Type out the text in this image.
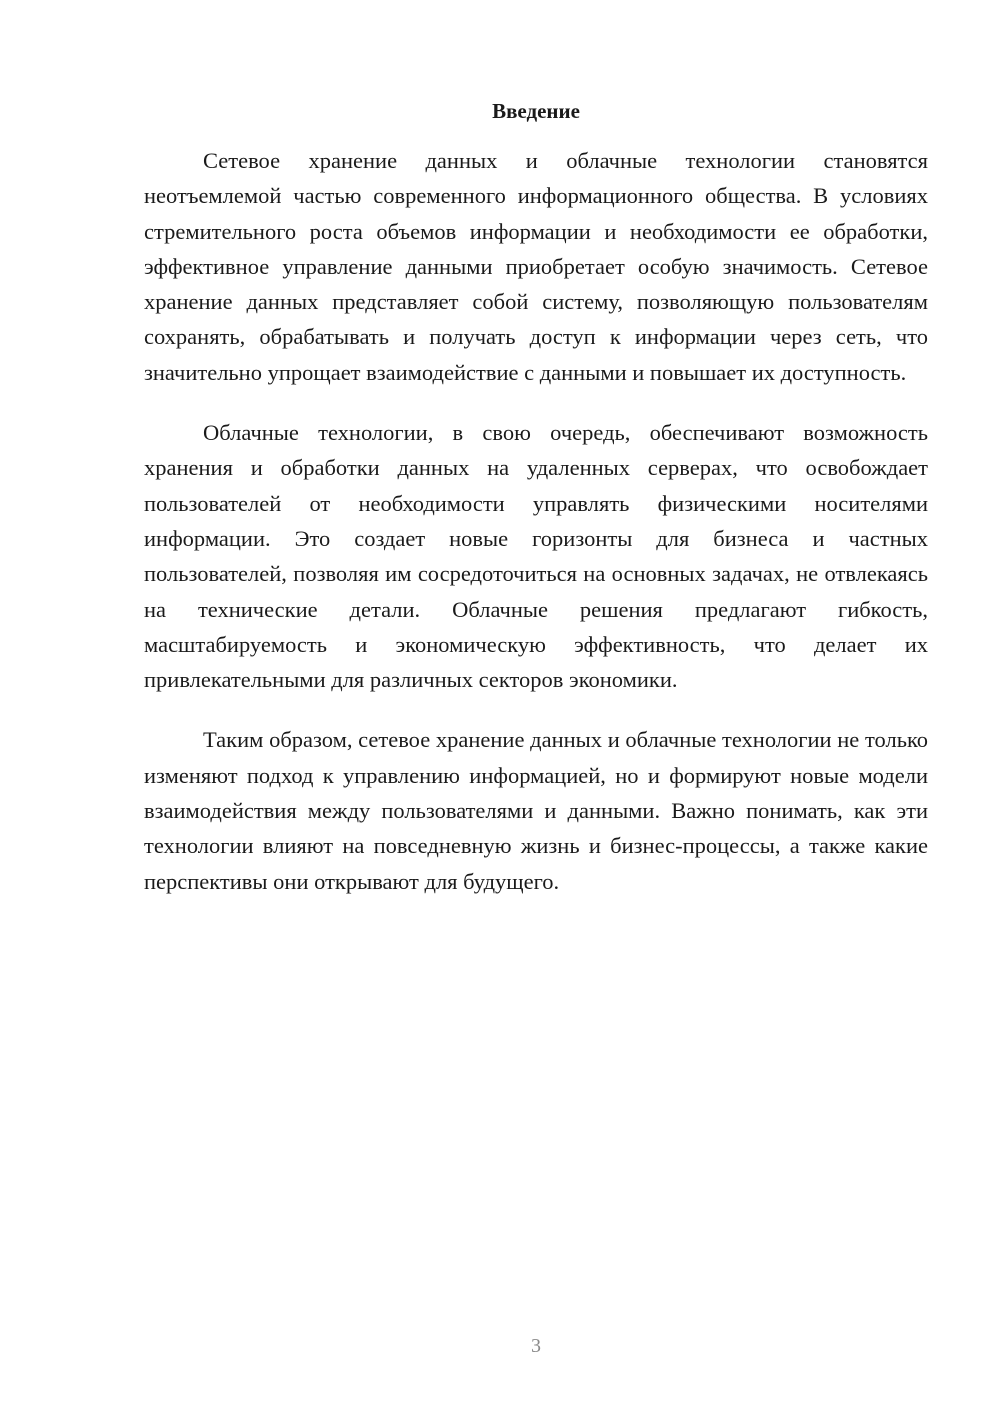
Введение

Сетевое хранение данных и облачные технологии становятся неотъемлемой частью современного информационного общества. В условиях стремительного роста объемов информации и необходимости ее обработки, эффективное управление данными приобретает особую значимость. Сетевое хранение данных представляет собой систему, позволяющую пользователям сохранять, обрабатывать и получать доступ к информации через сеть, что значительно упрощает взаимодействие с данными и повышает их доступность.

Облачные технологии, в свою очередь, обеспечивают возможность хранения и обработки данных на удаленных серверах, что освобождает пользователей от необходимости управлять физическими носителями информации. Это создает новые горизонты для бизнеса и частных пользователей, позволяя им сосредоточиться на основных задачах, не отвлекаясь на технические детали. Облачные решения предлагают гибкость, масштабируемость и экономическую эффективность, что делает их привлекательными для различных секторов экономики.

Таким образом, сетевое хранение данных и облачные технологии не только изменяют подход к управлению информацией, но и формируют новые модели взаимодействия между пользователями и данными. Важно понимать, как эти технологии влияют на повседневную жизнь и бизнес-процессы, а также какие перспективы они открывают для будущего.

3
